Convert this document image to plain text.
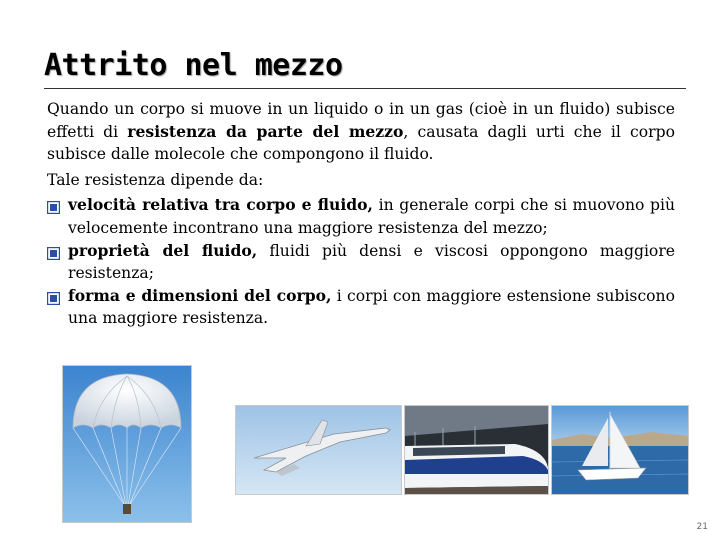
Attrito nel mezzo

Quando un corpo si muove in un liquido o in un gas (cioè in un fluido) subisce effetti di resistenza da parte del mezzo, causata dagli urti che il corpo subisce dalle molecole che compongono il fluido.

Tale resistenza dipende da:

velocità relativa tra corpo e fluido, in generale corpi che si muovono più velocemente incontrano una maggiore resistenza del mezzo;
proprietà del fluido, fluidi più densi e viscosi oppongono maggiore resistenza;
forma e dimensioni del corpo, i corpi con maggiore estensione subiscono una maggiore resistenza.
21
